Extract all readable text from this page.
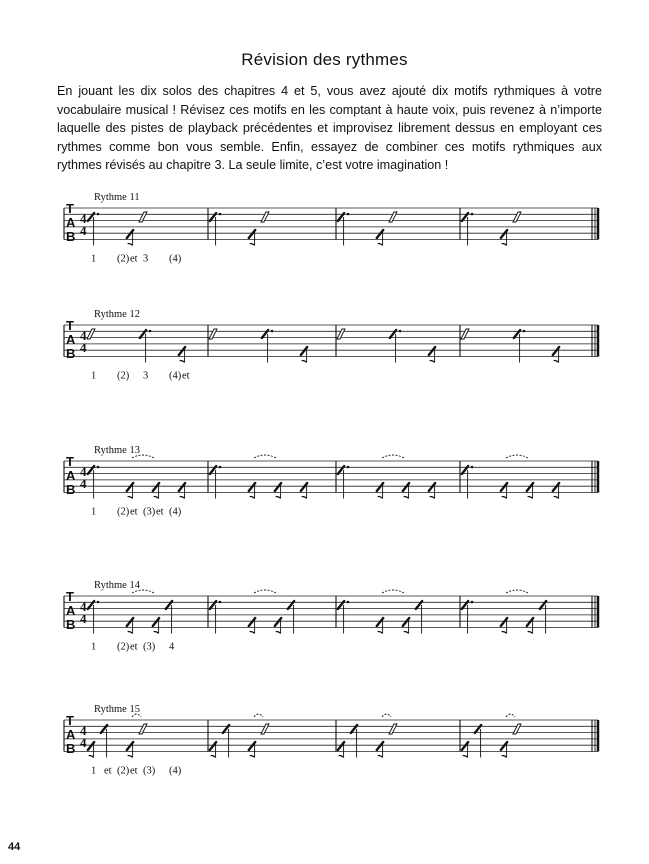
Révision des rythmes

En jouant les dix solos des chapitres 4 et 5, vous avez ajouté dix motifs rythmiques à votre vocabulaire musical ! Révisez ces motifs en les comptant à haute voix, puis revenez à n’importe laquelle des pistes de playback précédentes et improvisez librement dessus en employant ces rythmes comme bon vous semble. Enfin, essayez de combiner ces motifs rythmiques aux rythmes révisés au chapitre 3. La seule limite, c’est votre imagination !

Rythme 11
T
A
B
4
4
1 (2) et 3 (4)
Rythme 12
T
A
B
4
4
1 (2) 3 (4) et
Rythme 13
T
A
B
4
4
1 (2) et (3) et (4)
Rythme 14
T
A
B
4
4
1 (2) et (3) 4
Rythme 15
T
A
B
4
4
1 et (2) et (3) (4)
44
